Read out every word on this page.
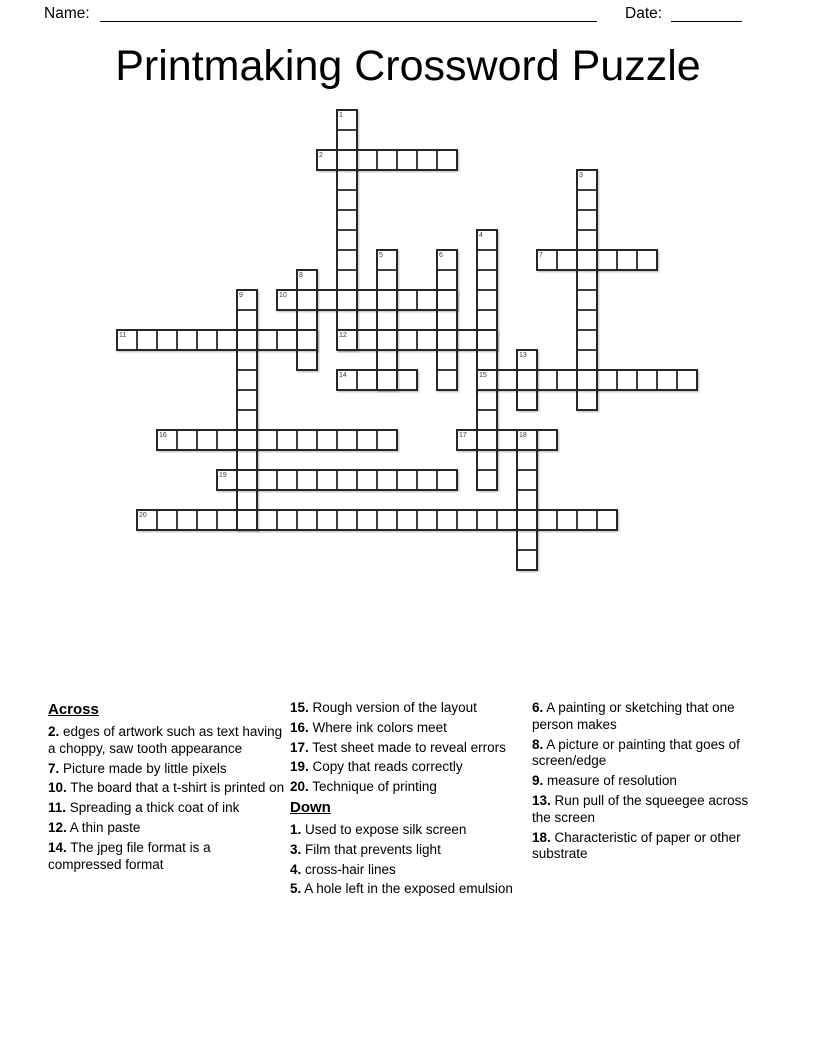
Name:	Date:
Printmaking Crossword Puzzle
1
2
3
4
5	6	7
8
9	10
11	12
13
14	15
16	17	18
19
20
Across
2. edges of artwork such as text having a choppy, saw tooth appearance
7. Picture made by little pixels
10. The board that a t-shirt is printed on
11. Spreading a thick coat of ink
12. A thin paste
14. The jpeg file format is a compressed format
15. Rough version of the layout
16. Where ink colors meet
17. Test sheet made to reveal errors
19. Copy that reads correctly
20. Technique of printing
Down
1. Used to expose silk screen
3. Film that prevents light
4. cross-hair lines
5. A hole left in the exposed emulsion
6. A painting or sketching that one person makes
8. A picture or painting that goes of screen/edge
9. measure of resolution
13. Run pull of the squeegee across the screen
18. Characteristic of paper or other substrate
